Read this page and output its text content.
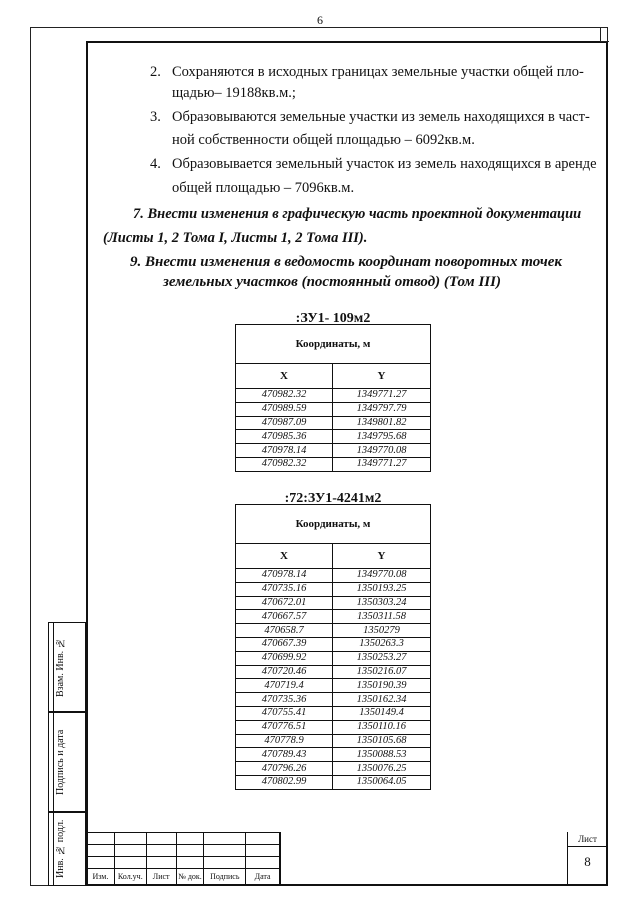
6
Взам. Инв. №
Подпись и дата
Инв. № подл.
2. Сохраняются в исходных границах земельные участки общей пло-
щадью– 19188кв.м.;
3. Образовываются земельные участки из земель находящихся в част-
ной собственности общей площадью – 6092кв.м.
4. Образовывается земельный участок из земель находящихся в аренде
общей площадью – 7096кв.м.
7. Внести изменения в графическую часть проектной документации
(Листы 1, 2 Тома I, Листы 1, 2 Тома III).
9. Внести изменения в ведомость координат поворотных точек
земельных участков (постоянный отвод) (Том III)
:ЗУ1- 109м2
Координаты, м	
X	Y
470982.32	1349771.27
470989.59	1349797.79
470987.09	1349801.82
470985.36	1349795.68
470978.14	1349770.08
470982.32	1349771.27
:72:ЗУ1-4241м2
Координаты, м	
X	Y
470978.14	1349770.08
470735.16	1350193.25
470672.01	1350303.24
470667.57	1350311.58
470658.7	1350279
470667.39	1350263.3
470699.92	1350253.27
470720.46	1350216.07
470719.4	1350190.39
470735.36	1350162.34
470755.41	1350149.4
470776.51	1350110.16
470778.9	1350105.68
470789.43	1350088.53
470796.26	1350076.25
470802.99	1350064.05

Изм.	Кол.уч.	Лист	№ док.	Подпись	Дата
Лист
8
